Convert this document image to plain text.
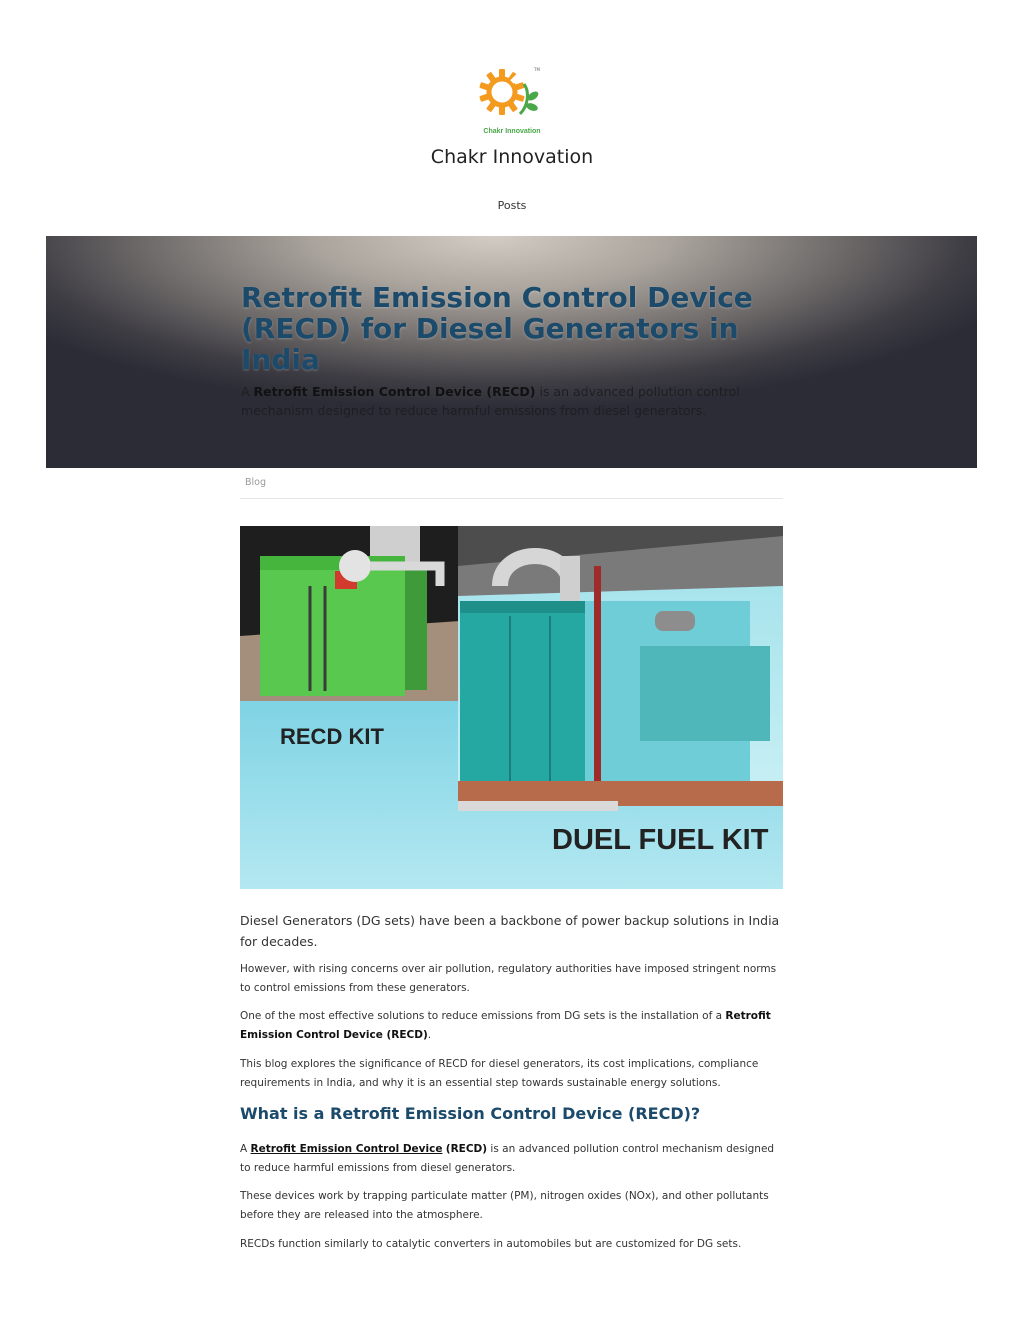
TM
Chakr Innovation
Chakr Innovation
Posts
Retrofit Emission Control Device (RECD) for Diesel Generators in India

A Retrofit Emission Control Device (RECD) is an advanced pollution control mechanism designed to reduce harmful emissions from diesel generators.

Blog
RECD KIT
DUEL FUEL KIT

Diesel Generators (DG sets) have been a backbone of power backup solutions in India for decades.

However, with rising concerns over air pollution, regulatory authorities have imposed stringent norms to control emissions from these generators.

One of the most effective solutions to reduce emissions from DG sets is the installation of a Retrofit Emission Control Device (RECD).

This blog explores the significance of RECD for diesel generators, its cost implications, compliance requirements in India, and why it is an essential step towards sustainable energy solutions.

What is a Retrofit Emission Control Device (RECD)?

A Retrofit Emission Control Device (RECD) is an advanced pollution control mechanism designed to reduce harmful emissions from diesel generators.

These devices work by trapping particulate matter (PM), nitrogen oxides (NOx), and other pollutants before they are released into the atmosphere.

RECDs function similarly to catalytic converters in automobiles but are customized for DG sets.
